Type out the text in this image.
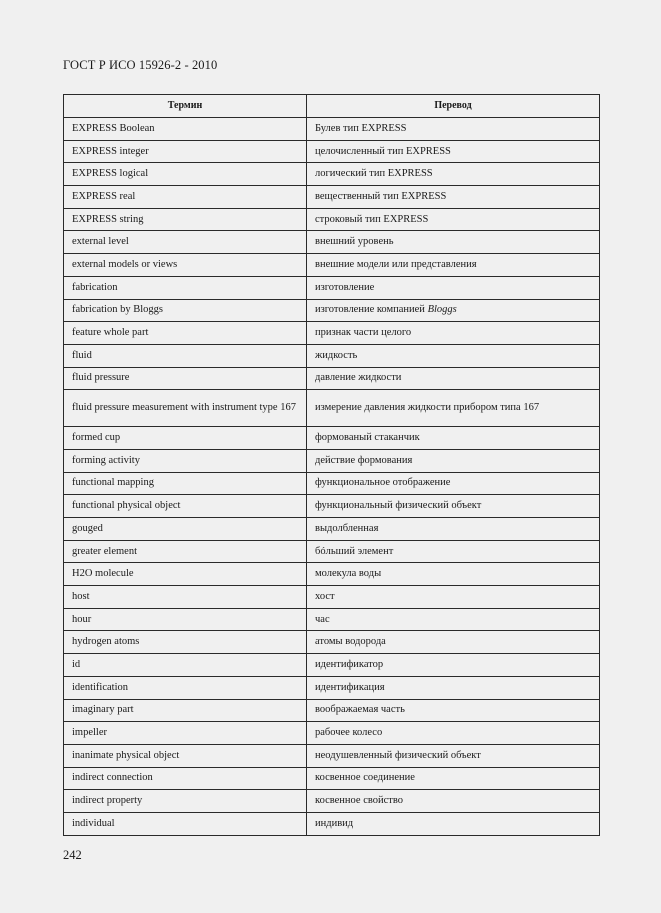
ГОСТ Р ИСО 15926-2 - 2010
Термин	Перевод
EXPRESS Boolean	Булев тип EXPRESS
EXPRESS integer	целочисленный тип EXPRESS
EXPRESS logical	логический тип EXPRESS
EXPRESS real	вещественный тип EXPRESS
EXPRESS string	строковый тип EXPRESS
external level	внешний уровень
external models or views	внешние модели или представления
fabrication	изготовление
fabrication by Bloggs	изготовление компанией Bloggs
feature whole part	признак части целого
fluid	жидкость
fluid pressure	давление жидкости
fluid pressure measurement with instrument type 167	измерение давления жидкости прибором типа 167
formed cup	формованый стаканчик
forming activity	действие формования
functional mapping	функциональное отображение
functional physical object	функциональный физический объект
gouged	выдолбленная
greater element	бóльший элемент
H2O molecule	молекула воды
host	хост
hour	час
hydrogen atoms	атомы водорода
id	идентификатор
identification	идентификация
imaginary part	воображаемая часть
impeller	рабочее колесо
inanimate physical object	неодушевленный физический объект
indirect connection	косвенное соединение
indirect property	косвенное свойство
individual	индивид
242
